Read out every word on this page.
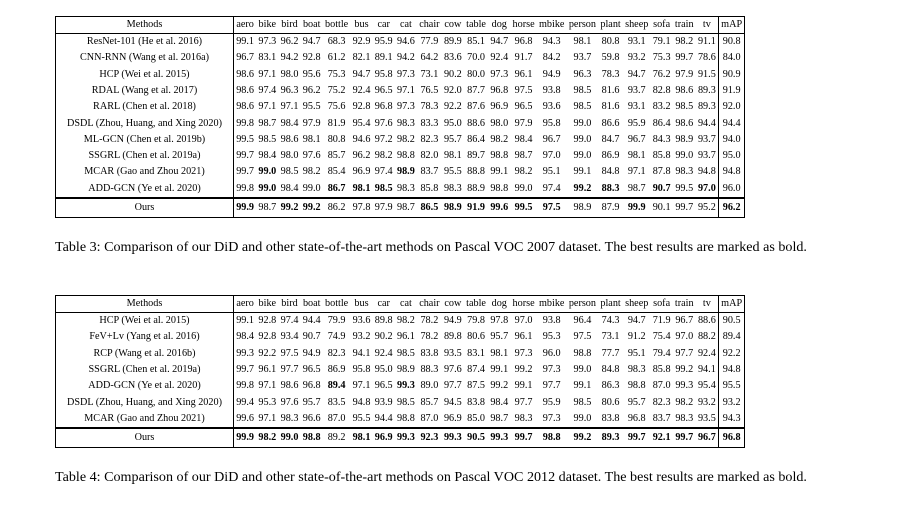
Methods	aero	bike	bird	boat	bottle	bus	car	cat	chair	cow	table	dog	horse	mbike	person	plant	sheep	sofa	train	tv	mAP
ResNet-101 (He et al. 2016)	99.1	97.3	96.2	94.7	68.3	92.9	95.9	94.6	77.9	89.9	85.1	94.7	96.8	94.3	98.1	80.8	93.1	79.1	98.2	91.1	90.8
CNN-RNN (Wang et al. 2016a)	96.7	83.1	94.2	92.8	61.2	82.1	89.1	94.2	64.2	83.6	70.0	92.4	91.7	84.2	93.7	59.8	93.2	75.3	99.7	78.6	84.0
HCP (Wei et al. 2015)	98.6	97.1	98.0	95.6	75.3	94.7	95.8	97.3	73.1	90.2	80.0	97.3	96.1	94.9	96.3	78.3	94.7	76.2	97.9	91.5	90.9
RDAL (Wang et al. 2017)	98.6	97.4	96.3	96.2	75.2	92.4	96.5	97.1	76.5	92.0	87.7	96.8	97.5	93.8	98.5	81.6	93.7	82.8	98.6	89.3	91.9
RARL (Chen et al. 2018)	98.6	97.1	97.1	95.5	75.6	92.8	96.8	97.3	78.3	92.2	87.6	96.9	96.5	93.6	98.5	81.6	93.1	83.2	98.5	89.3	92.0
DSDL (Zhou, Huang, and Xing 2020)	99.8	98.7	98.4	97.9	81.9	95.4	97.6	98.3	83.3	95.0	88.6	98.0	97.9	95.8	99.0	86.6	95.9	86.4	98.6	94.4	94.4
ML-GCN (Chen et al. 2019b)	99.5	98.5	98.6	98.1	80.8	94.6	97.2	98.2	82.3	95.7	86.4	98.2	98.4	96.7	99.0	84.7	96.7	84.3	98.9	93.7	94.0
SSGRL (Chen et al. 2019a)	99.7	98.4	98.0	97.6	85.7	96.2	98.2	98.8	82.0	98.1	89.7	98.8	98.7	97.0	99.0	86.9	98.1	85.8	99.0	93.7	95.0
MCAR (Gao and Zhou 2021)	99.7	99.0	98.5	98.2	85.4	96.9	97.4	98.9	83.7	95.5	88.8	99.1	98.2	95.1	99.1	84.8	97.1	87.8	98.3	94.8	94.8
ADD-GCN (Ye et al. 2020)	99.8	99.0	98.4	99.0	86.7	98.1	98.5	98.3	85.8	98.3	88.9	98.8	99.0	97.4	99.2	88.3	98.7	90.7	99.5	97.0	96.0
Ours	99.9	98.7	99.2	99.2	86.2	97.8	97.9	98.7	86.5	98.9	91.9	99.6	99.5	97.5	98.9	87.9	99.9	90.1	99.7	95.2	96.2
Table 3: Comparison of our DiD and other state-of-the-art methods on Pascal VOC 2007 dataset. The best results are marked as bold.
Methods	aero	bike	bird	boat	bottle	bus	car	cat	chair	cow	table	dog	horse	mbike	person	plant	sheep	sofa	train	tv	mAP
HCP (Wei et al. 2015)	99.1	92.8	97.4	94.4	79.9	93.6	89.8	98.2	78.2	94.9	79.8	97.8	97.0	93.8	96.4	74.3	94.7	71.9	96.7	88.6	90.5
FeV+Lv (Yang et al. 2016)	98.4	92.8	93.4	90.7	74.9	93.2	90.2	96.1	78.2	89.8	80.6	95.7	96.1	95.3	97.5	73.1	91.2	75.4	97.0	88.2	89.4
RCP (Wang et al. 2016b)	99.3	92.2	97.5	94.9	82.3	94.1	92.4	98.5	83.8	93.5	83.1	98.1	97.3	96.0	98.8	77.7	95.1	79.4	97.7	92.4	92.2
SSGRL (Chen et al. 2019a)	99.7	96.1	97.7	96.5	86.9	95.8	95.0	98.9	88.3	97.6	87.4	99.1	99.2	97.3	99.0	84.8	98.3	85.8	99.2	94.1	94.8
ADD-GCN (Ye et al. 2020)	99.8	97.1	98.6	96.8	89.4	97.1	96.5	99.3	89.0	97.7	87.5	99.2	99.1	97.7	99.1	86.3	98.8	87.0	99.3	95.4	95.5
DSDL (Zhou, Huang, and Xing 2020)	99.4	95.3	97.6	95.7	83.5	94.8	93.9	98.5	85.7	94.5	83.8	98.4	97.7	95.9	98.5	80.6	95.7	82.3	98.2	93.2	93.2
MCAR (Gao and Zhou 2021)	99.6	97.1	98.3	96.6	87.0	95.5	94.4	98.8	87.0	96.9	85.0	98.7	98.3	97.3	99.0	83.8	96.8	83.7	98.3	93.5	94.3
Ours	99.9	98.2	99.0	98.8	89.2	98.1	96.9	99.3	92.3	99.3	90.5	99.3	99.7	98.8	99.2	89.3	99.7	92.1	99.7	96.7	96.8
Table 4: Comparison of our DiD and other state-of-the-art methods on Pascal VOC 2012 dataset. The best results are marked as bold.
